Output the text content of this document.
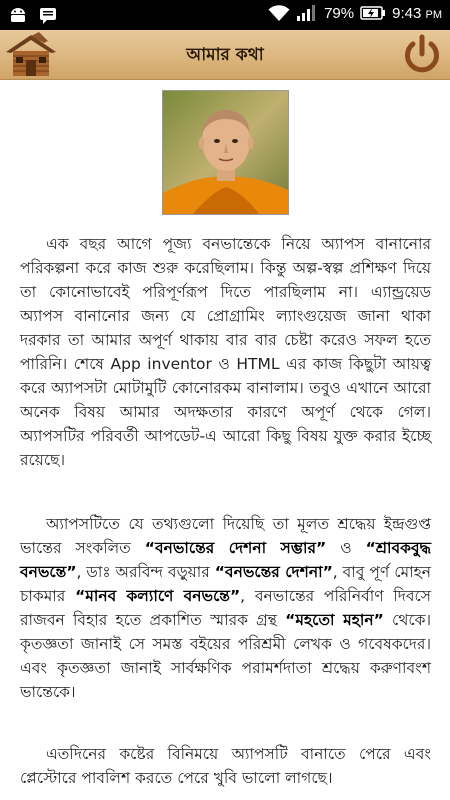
79%	9:43 PM
আমার কথা

এক বছর আগে পূজ্য বনভান্তেকে নিয়ে অ্যাপস বানানোর পরিকল্পনা করে কাজ শুরু করেছিলাম। কিন্তু অল্প-স্বল্প প্রশিক্ষণ দিয়ে তা কোনোভাবেই পরিপূর্ণরূপ দিতে পারছিলাম না। এ্যান্ড্রয়েড অ্যাপস বানানোর জন্য যে প্রোগ্রামিং ল্যাংগুয়েজ জানা থাকা দরকার তা আমার অপূর্ণ থাকায় বার বার চেষ্টা করেও সফল হতে পারিনি। শেষে App inventor ও HTML এর কাজ কিছুটা আয়ত্ব করে অ্যাপসটা মোটামুটি কোনোরকম বানালাম। তবুও এখানে আরো অনেক বিষয় আমার অদক্ষতার কারণে অপূর্ণ থেকে গেল। অ্যাপসটির পরিবর্তী আপডেট-এ আরো কিছু বিষয় যুক্ত করার ইচ্ছে রয়েছে।

অ্যাপসটিতে যে তথ্যগুলো দিয়েছি তা মূলত শ্রদ্ধেয় ইন্দ্রগুপ্ত ভান্তের সংকলিত “বনভান্তের দেশনা সম্ভার” ও “শ্রাবকবুদ্ধ বনভন্তে”, ডাঃ অরবিন্দ বড়ুয়ার “বনভন্তের দেশনা”, বাবু পূর্ণ মোহন চাকমার “মানব কল্যাণে বনভন্তে”, বনভান্তের পরিনির্বাণ দিবসে রাজবন বিহার হতে প্রকাশিত স্মারক গ্রন্থ “মহতো মহান” থেকে। কৃতজ্ঞতা জানাই সে সমস্ত বইয়ের পরিশ্রমী লেখক ও গবেষকদের। এবং কৃতজ্ঞতা জানাই সার্বক্ষণিক পরামর্শদাতা শ্রদ্ধেয় করুণাবংশ ভান্তেকে।

এতদিনের কষ্টের বিনিময়ে অ্যাপসটি বানাতে পেরে এবং প্লেস্টোরে পাবলিশ করতে পেরে খুবি ভালো লাগছে।
